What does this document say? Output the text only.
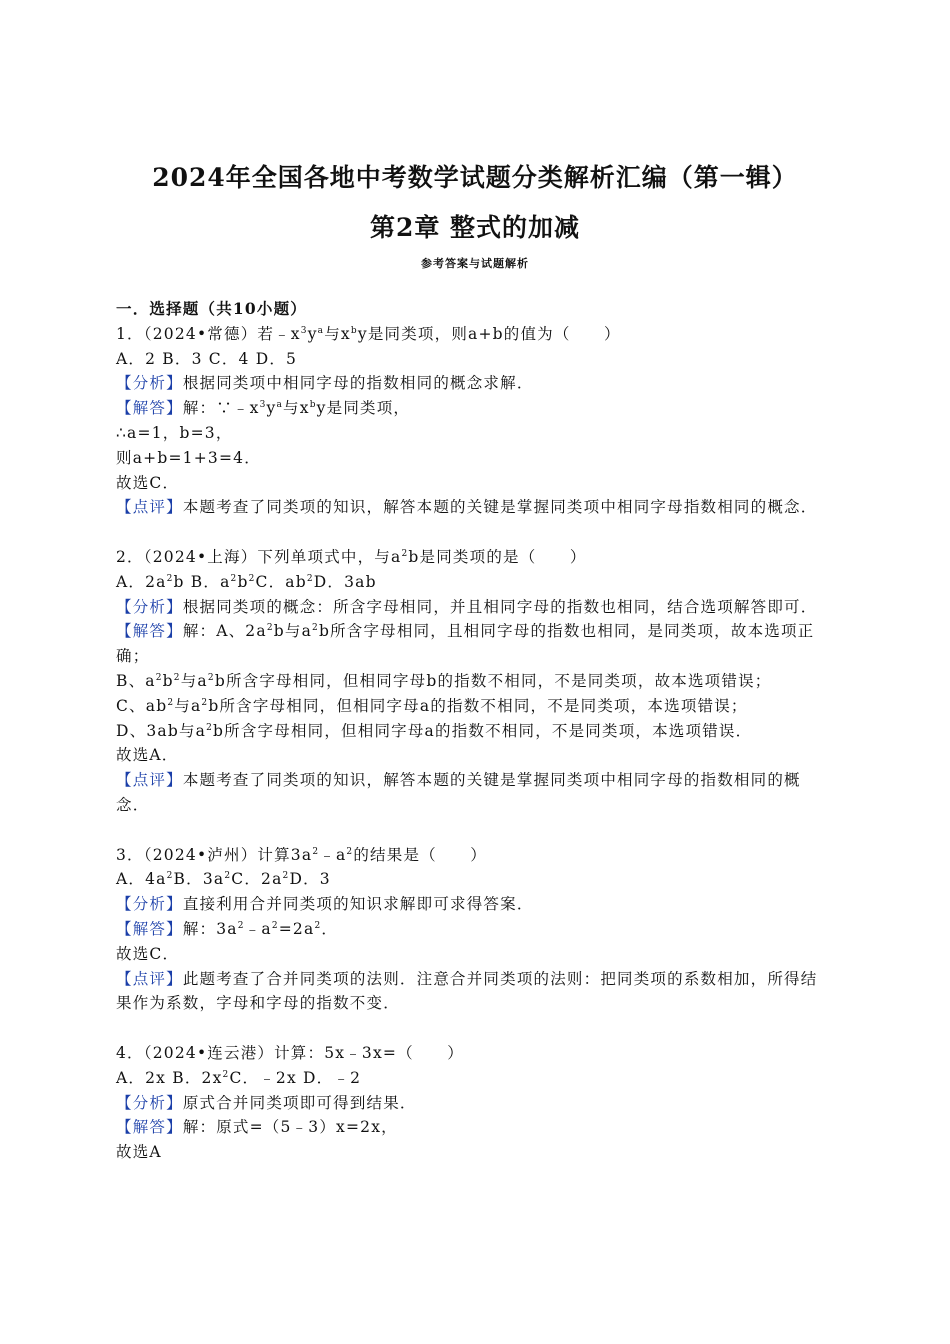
2024年全国各地中考数学试题分类解析汇编（第一辑）
第2章 整式的加减
参考答案与试题解析
一．选择题（共10小题）
1．（2024•常德）若$﹣x^3y^a$与$x^by$是同类项，则a+b的值为（　　）
A．2 B．3 C．4 D．5
【分析】根据同类项中相同字母的指数相同的概念求解．
【解答】解：$\because﹣x^3y^a$与$x^by$是同类项，
∴a=1，b=3，
则a+b=1+3=4．
故选C．
【点评】本题考查了同类项的知识，解答本题的关键是掌握同类项中相同字母指数相同的概念．
2．（2024•上海）下列单项式中，与$a^2b$是同类项的是（　　）
A．$2a^2b$ B．$a^2b^2C$．$ab^2D$．3ab
【分析】根据同类项的概念：所含字母相同，并且相同字母的指数也相同，结合选项解答即可．
【解答】解：A、$2a^2b$与$a^2b$所含字母相同，且相同字母的指数也相同，是同类项，故本选项正确；
B、$a^2b^2$与$a^2b$所含字母相同，但相同字母b的指数不相同，不是同类项，故本选项错误；
C、$ab^2$与$a^2b$所含字母相同，但相同字母a的指数不相同，不是同类项，本选项错误；
D、3ab与$a^2b$所含字母相同，但相同字母a的指数不相同，不是同类项，本选项错误．
故选A．
【点评】本题考查了同类项的知识，解答本题的关键是掌握同类项中相同字母的指数相同的概念．
3．（2024•泸州）计算$3a^2﹣a^2$的结果是（　　）
A．$4a^2B$．$3a^2C$．$2a^2D$．3
【分析】直接利用合并同类项的知识求解即可求得答案．
【解答】解：$3a^2﹣a^2=2a^2$．
故选C．
【点评】此题考查了合并同类项的法则．注意合并同类项的法则：把同类项的系数相加，所得结果作为系数，字母和字母的指数不变．
4．（2024•连云港）计算：5x﹣3x=（　　）
A．2x B．$2x^2C$．﹣2x D．﹣2
【分析】原式合并同类项即可得到结果．
【解答】解：原式=（5﹣3）x=2x，
故选A
